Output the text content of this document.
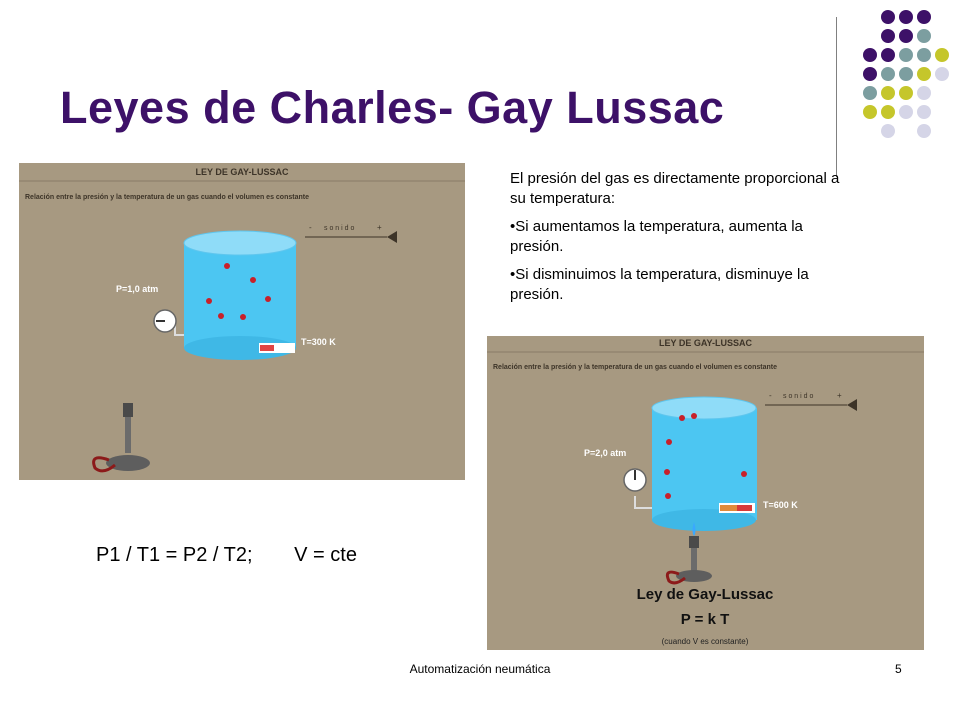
Leyes de Charles- Gay Lussac
LEY DE GAY-LUSSAC
Relación entre la presión y la temperatura de un gas cuando el volumen es constante
- s o n i d o	+
T=300 K
P=1,0 atm

El presión del gas es directamente proporcional a su temperatura:

•Si aumentamos la temperatura, aumenta la presión.

•Si disminuimos la temperatura, disminuye la presión.

LEY DE GAY-LUSSAC
Relación entre la presión y la temperatura de un gas cuando el volumen es constante
- s o n i d o	+
T=600 K
P=2,0 atm
Ley de Gay-Lussac
P = k T
(cuando V es constante)
P1 / T1 = P2 / T2; V = cte
Automatización neumática	5
